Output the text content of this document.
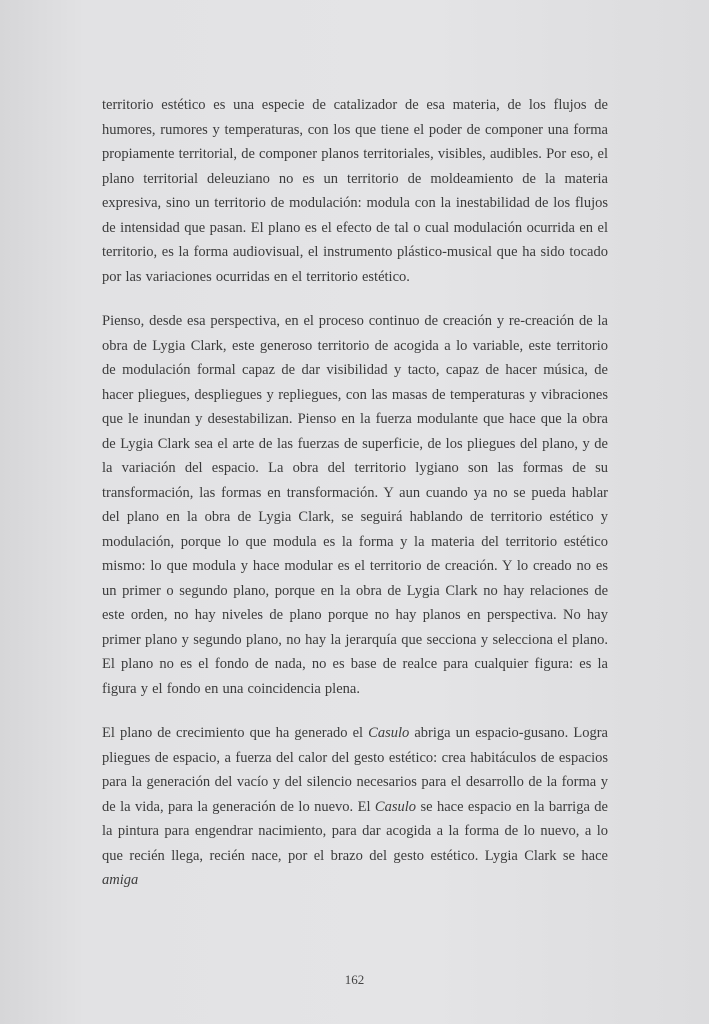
territorio estético es una especie de catalizador de esa materia, de los flujos de humores, rumores y temperaturas, con los que tiene el poder de componer una forma propiamente territorial, de componer planos territoriales, visibles, audibles. Por eso, el plano territorial deleuziano no es un territorio de moldeamiento de la materia expresiva, sino un territorio de modulación: modula con la inestabilidad de los flujos de intensidad que pasan. El plano es el efecto de tal o cual modulación ocurrida en el territorio, es la forma audiovisual, el instrumento plástico-musical que ha sido tocado por las variaciones ocurridas en el territorio estético.

Pienso, desde esa perspectiva, en el proceso continuo de creación y re-creación de la obra de Lygia Clark, este generoso territorio de acogida a lo variable, este territorio de modulación formal capaz de dar visibilidad y tacto, capaz de hacer música, de hacer pliegues, despliegues y repliegues, con las masas de temperaturas y vibraciones que le inundan y desestabilizan. Pienso en la fuerza modulante que hace que la obra de Lygia Clark sea el arte de las fuerzas de superficie, de los pliegues del plano, y de la variación del espacio. La obra del territorio lygiano son las formas de su transformación, las formas en transformación. Y aun cuando ya no se pueda hablar del plano en la obra de Lygia Clark, se seguirá hablando de territorio estético y modulación, porque lo que modula es la forma y la materia del territorio estético mismo: lo que modula y hace modular es el territorio de creación. Y lo creado no es un primer o segundo plano, porque en la obra de Lygia Clark no hay relaciones de este orden, no hay niveles de plano porque no hay planos en perspectiva. No hay primer plano y segundo plano, no hay la jerarquía que secciona y selecciona el plano. El plano no es el fondo de nada, no es base de realce para cualquier figura: es la figura y el fondo en una coincidencia plena.

El plano de crecimiento que ha generado el Casulo abriga un espacio-gusano. Logra pliegues de espacio, a fuerza del calor del gesto estético: crea habitáculos de espacios para la generación del vacío y del silencio necesarios para el desarrollo de la forma y de la vida, para la generación de lo nuevo. El Casulo se hace espacio en la barriga de la pintura para engendrar nacimiento, para dar acogida a la forma de lo nuevo, a lo que recién llega, recién nace, por el brazo del gesto estético. Lygia Clark se hace amiga

162
